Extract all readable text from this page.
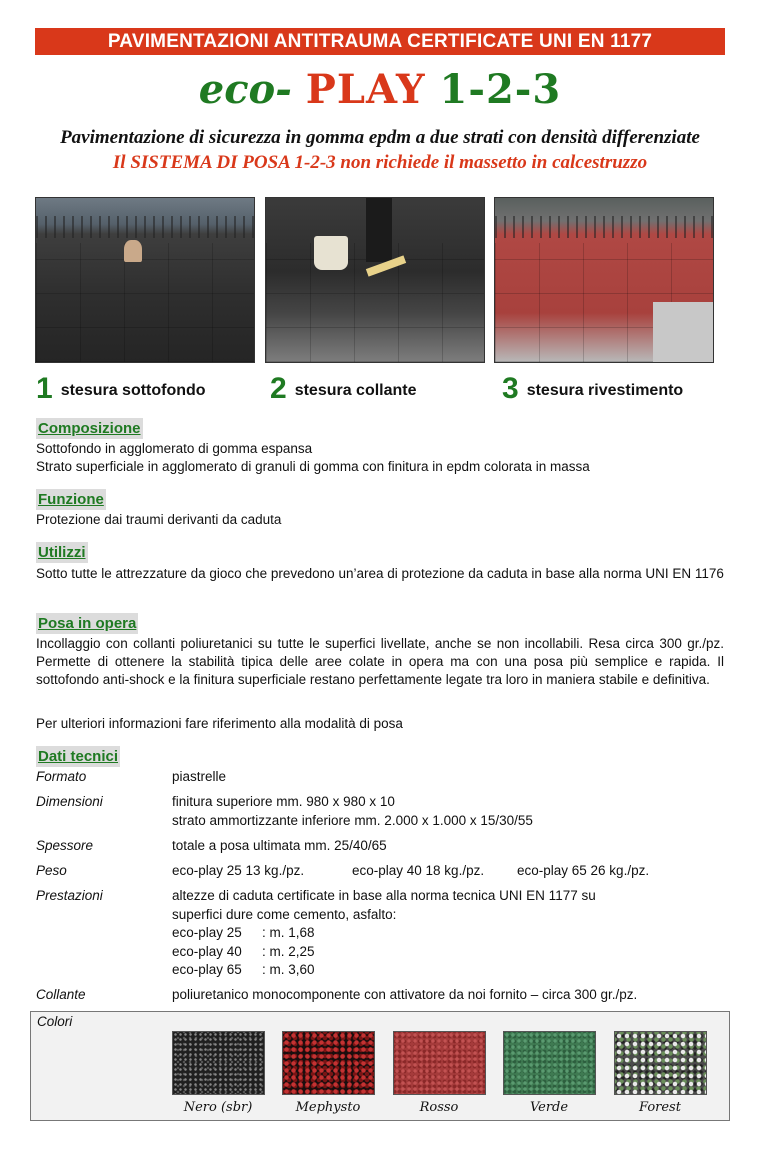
PAVIMENTAZIONI ANTITRAUMA CERTIFICATE UNI EN 1177
eco- PLAY 1-2-3
Pavimentazione di sicurezza in gomma epdm a due strati con densità differenziate
Il SISTEMA DI POSA 1-2-3 non richiede il massetto in calcestruzzo
1 stesura sottofondo 2 stesura collante	3 stesura rivestimento
Composizione
Sottofondo in agglomerato di gomma espansa
Strato superficiale in agglomerato di granuli di gomma con finitura in epdm colorata in massa
Funzione
Protezione dai traumi derivanti da caduta
Utilizzi
Sotto tutte le attrezzature da gioco che prevedono un’area di protezione da caduta in base alla norma UNI EN 1176
Posa in opera
Incollaggio con collanti poliuretanici su tutte le superfici livellate, anche se non incollabili. Resa circa 300 gr./pz. Permette di ottenere la stabilità tipica delle aree colate in opera ma con una posa più semplice e rapida. Il sottofondo anti-shock e la finitura superficiale restano perfettamente legate tra loro in maniera stabile e definitiva.
Per ulteriori informazioni fare riferimento alla modalità di posa
Dati tecnici
Formato	piastrelle
Dimensioni	finitura superiore mm. 980 x 980 x 10
strato ammortizzante inferiore mm. 2.000 x 1.000 x 15/30/55
Spessore	totale a posa ultimata mm. 25/40/65
Peso	eco-play 25 13 kg./pz.	eco-play 40 18 kg./pz.	eco-play 65 26 kg./pz.
Prestazioni	altezze di caduta certificate in base alla norma tecnica UNI EN 1177 su
superfici dure come cemento, asfalto:
eco-play 25	: m. 1,68
eco-play 40	: m. 2,25
eco-play 65	: m. 3,60
Collante	poliuretanico monocomponente con attivatore da noi fornito – circa 300 gr./pz.
Colori
Nero (sbr)	Mephysto	Rosso	Verde	Forest
